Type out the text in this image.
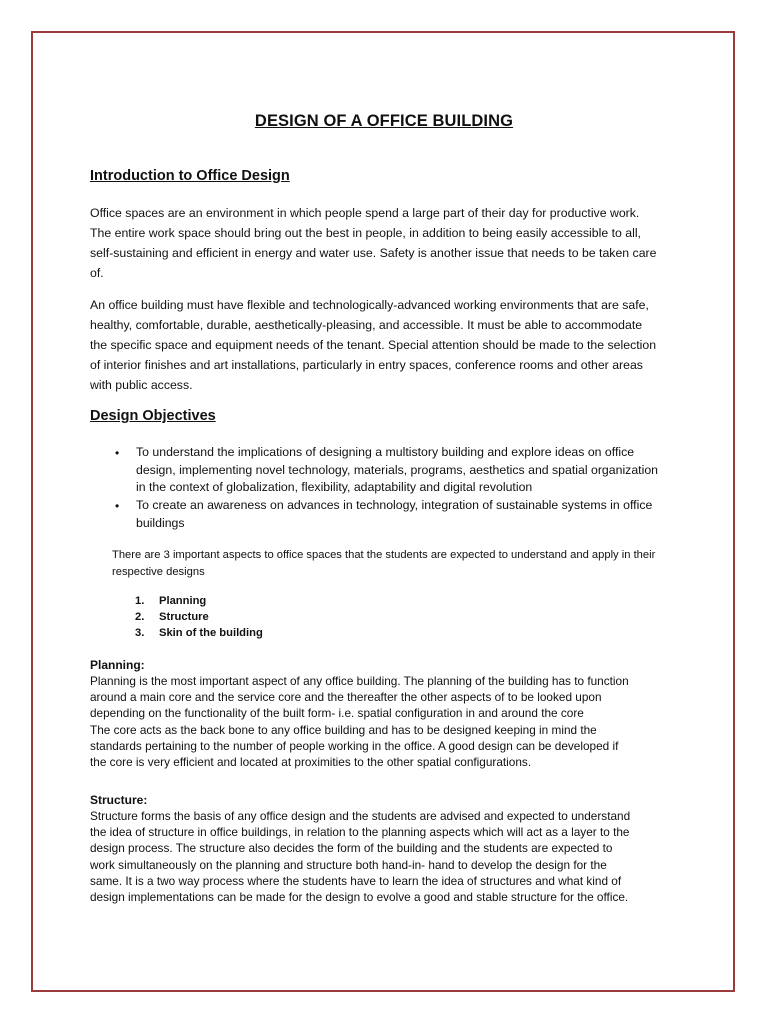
DESIGN OF A OFFICE BUILDING
Introduction to Office Design
Office spaces are an environment in which people spend a large part of their day for productive work.
The entire work space should bring out the best in people, in addition to being easily accessible to all,
self-sustaining and efficient in energy and water use. Safety is another issue that needs to be taken care
of.
An office building must have flexible and technologically-advanced working environments that are safe,
healthy, comfortable, durable, aesthetically-pleasing, and accessible. It must be able to accommodate
the specific space and equipment needs of the tenant. Special attention should be made to the selection
of interior finishes and art installations, particularly in entry spaces, conference rooms and other areas
with public access.
Design Objectives
• To understand the implications of designing a multistory building and explore ideas on office
design, implementing novel technology, materials, programs, aesthetics and spatial organization
in the context of globalization, flexibility, adaptability and digital revolution
• To create an awareness on advances in technology, integration of sustainable systems in office
buildings
There are 3 important aspects to office spaces that the students are expected to understand and apply in their
respective designs
1. Planning
2. Structure
3. Skin of the building
Planning:
Planning is the most important aspect of any office building. The planning of the building has to function
around a main core and the service core and the thereafter the other aspects of to be looked upon
depending on the functionality of the built form- i.e. spatial configuration in and around the core
The core acts as the back bone to any office building and has to be designed keeping in mind the
standards pertaining to the number of people working in the office. A good design can be developed if
the core is very efficient and located at proximities to the other spatial configurations.
Structure:
Structure forms the basis of any office design and the students are advised and expected to understand
the idea of structure in office buildings, in relation to the planning aspects which will act as a layer to the
design process. The structure also decides the form of the building and the students are expected to
work simultaneously on the planning and structure both hand-in- hand to develop the design for the
same. It is a two way process where the students have to learn the idea of structures and what kind of
design implementations can be made for the design to evolve a good and stable structure for the office.
